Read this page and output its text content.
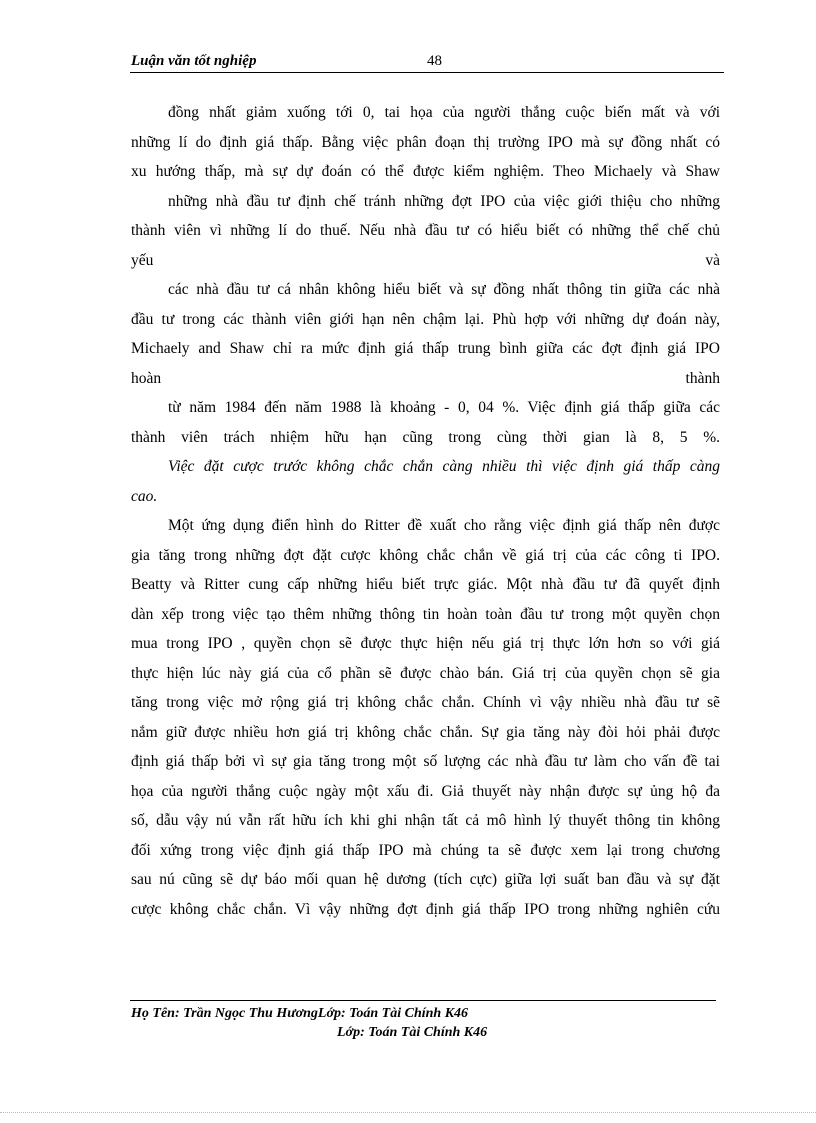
Luận văn tốt nghiệp	48
đồng nhất giảm xuống tới 0, tai họa của người thắng cuộc biến mất và với
những lí do định giá thấp. Bằng việc phân đoạn thị trường IPO mà sự đồng nhất có
xu hướng thấp, mà sự dự đoán có thể được kiểm nghiệm. Theo Michaely và Shaw
những nhà đầu tư định chế tránh những đợt IPO của việc giới thiệu cho những
thành viên vì những lí do thuế. Nếu nhà đầu tư có hiểu biết có những thể chế chủ
yếu và
các nhà đầu tư cá nhân không hiểu biết và sự đồng nhất thông tin giữa các nhà
đầu tư trong các thành viên giới hạn nên chậm lại. Phù hợp với những dự đoán này,
Michaely and Shaw chỉ ra mức định giá thấp trung bình giữa các đợt định giá IPO
hoàn thành
từ năm 1984 đến năm 1988 là khoảng - 0, 04 %. Việc định giá thấp giữa các
thành viên trách nhiệm hữu hạn cũng trong cùng thời gian là 8, 5 %.
Việc đặt cược trước không chắc chắn càng nhiều thì việc định giá thấp càng
cao.
Một ứng dụng điển hình do Ritter đề xuất cho rằng việc định giá thấp nên được
gia tăng trong những đợt đặt cược không chắc chắn về giá trị của các công ti IPO.
Beatty và Ritter cung cấp những hiểu biết trực giác. Một nhà đầu tư đã quyết định
dàn xếp trong việc tạo thêm những thông tin hoàn toàn đầu tư trong một quyền chọn
mua trong IPO , quyền chọn sẽ được thực hiện nếu giá trị thực lớn hơn so với giá
thực hiện lúc này giá của cổ phần sẽ được chào bán. Giá trị của quyền chọn sẽ gia
tăng trong việc mở rộng giá trị không chắc chắn. Chính vì vậy nhiều nhà đầu tư sẽ
nắm giữ được nhiều hơn giá trị không chắc chắn. Sự gia tăng này đòi hỏi phải được
định giá thấp bởi vì sự gia tăng trong một số lượng các nhà đầu tư làm cho vấn đề tai
họa của người thắng cuộc ngày một xấu đi. Giả thuyết này nhận được sự ủng hộ đa
số, dẫu vậy nú vẫn rất hữu ích khi ghi nhận tất cả mô hình lý thuyết thông tin không
đối xứng trong việc định giá thấp IPO mà chúng ta sẽ được xem lại trong chương
sau nú cũng sẽ dự báo mối quan hệ dương (tích cực) giữa lợi suất ban đầu và sự đặt
cược không chắc chắn. Vì vậy những đợt định giá thấp IPO trong những nghiên cứu
Họ Tên: Trần Ngọc Thu HươngLớp: Toán Tài Chính K46
Lớp: Toán Tài Chính K46
